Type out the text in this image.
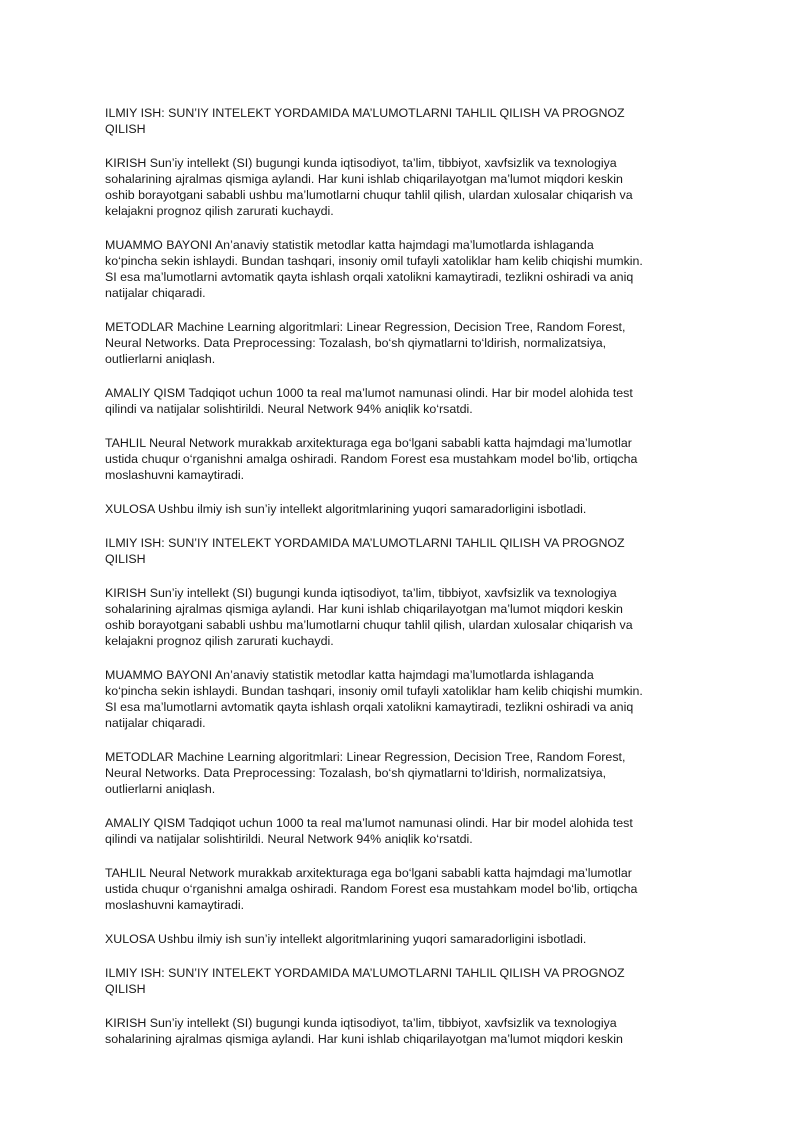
ILMIY ISH: SUN’IY INTELEKT YORDAMIDA MA’LUMOTLARNI TAHLIL QILISH VA PROGNOZ
QILISH

KIRISH Sun’iy intellekt (SI) bugungi kunda iqtisodiyot, ta’lim, tibbiyot, xavfsizlik va texnologiya
sohalarining ajralmas qismiga aylandi. Har kuni ishlab chiqarilayotgan ma’lumot miqdori keskin
oshib borayotgani sababli ushbu ma’lumotlarni chuqur tahlil qilish, ulardan xulosalar chiqarish va
kelajakni prognoz qilish zarurati kuchaydi.

MUAMMO BAYONI An’anaviy statistik metodlar katta hajmdagi ma’lumotlarda ishlaganda
ko‘pincha sekin ishlaydi. Bundan tashqari, insoniy omil tufayli xatoliklar ham kelib chiqishi mumkin.
SI esa ma’lumotlarni avtomatik qayta ishlash orqali xatolikni kamaytiradi, tezlikni oshiradi va aniq
natijalar chiqaradi.

METODLAR Machine Learning algoritmlari: Linear Regression, Decision Tree, Random Forest,
Neural Networks. Data Preprocessing: Tozalash, bo‘sh qiymatlarni to‘ldirish, normalizatsiya,
outlierlarni aniqlash.

AMALIY QISM Tadqiqot uchun 1000 ta real ma’lumot namunasi olindi. Har bir model alohida test
qilindi va natijalar solishtirildi. Neural Network 94% aniqlik ko‘rsatdi.

TAHLIL Neural Network murakkab arxitekturaga ega bo‘lgani sababli katta hajmdagi ma’lumotlar
ustida chuqur o‘rganishni amalga oshiradi. Random Forest esa mustahkam model bo‘lib, ortiqcha
moslashuvni kamaytiradi.

XULOSA Ushbu ilmiy ish sun’iy intellekt algoritmlarining yuqori samaradorligini isbotladi.

ILMIY ISH: SUN’IY INTELEKT YORDAMIDA MA’LUMOTLARNI TAHLIL QILISH VA PROGNOZ
QILISH

KIRISH Sun’iy intellekt (SI) bugungi kunda iqtisodiyot, ta’lim, tibbiyot, xavfsizlik va texnologiya
sohalarining ajralmas qismiga aylandi. Har kuni ishlab chiqarilayotgan ma’lumot miqdori keskin
oshib borayotgani sababli ushbu ma’lumotlarni chuqur tahlil qilish, ulardan xulosalar chiqarish va
kelajakni prognoz qilish zarurati kuchaydi.

MUAMMO BAYONI An’anaviy statistik metodlar katta hajmdagi ma’lumotlarda ishlaganda
ko‘pincha sekin ishlaydi. Bundan tashqari, insoniy omil tufayli xatoliklar ham kelib chiqishi mumkin.
SI esa ma’lumotlarni avtomatik qayta ishlash orqali xatolikni kamaytiradi, tezlikni oshiradi va aniq
natijalar chiqaradi.

METODLAR Machine Learning algoritmlari: Linear Regression, Decision Tree, Random Forest,
Neural Networks. Data Preprocessing: Tozalash, bo‘sh qiymatlarni to‘ldirish, normalizatsiya,
outlierlarni aniqlash.

AMALIY QISM Tadqiqot uchun 1000 ta real ma’lumot namunasi olindi. Har bir model alohida test
qilindi va natijalar solishtirildi. Neural Network 94% aniqlik ko‘rsatdi.

TAHLIL Neural Network murakkab arxitekturaga ega bo‘lgani sababli katta hajmdagi ma’lumotlar
ustida chuqur o‘rganishni amalga oshiradi. Random Forest esa mustahkam model bo‘lib, ortiqcha
moslashuvni kamaytiradi.

XULOSA Ushbu ilmiy ish sun’iy intellekt algoritmlarining yuqori samaradorligini isbotladi.

ILMIY ISH: SUN’IY INTELEKT YORDAMIDA MA’LUMOTLARNI TAHLIL QILISH VA PROGNOZ
QILISH

KIRISH Sun’iy intellekt (SI) bugungi kunda iqtisodiyot, ta’lim, tibbiyot, xavfsizlik va texnologiya
sohalarining ajralmas qismiga aylandi. Har kuni ishlab chiqarilayotgan ma’lumot miqdori keskin
